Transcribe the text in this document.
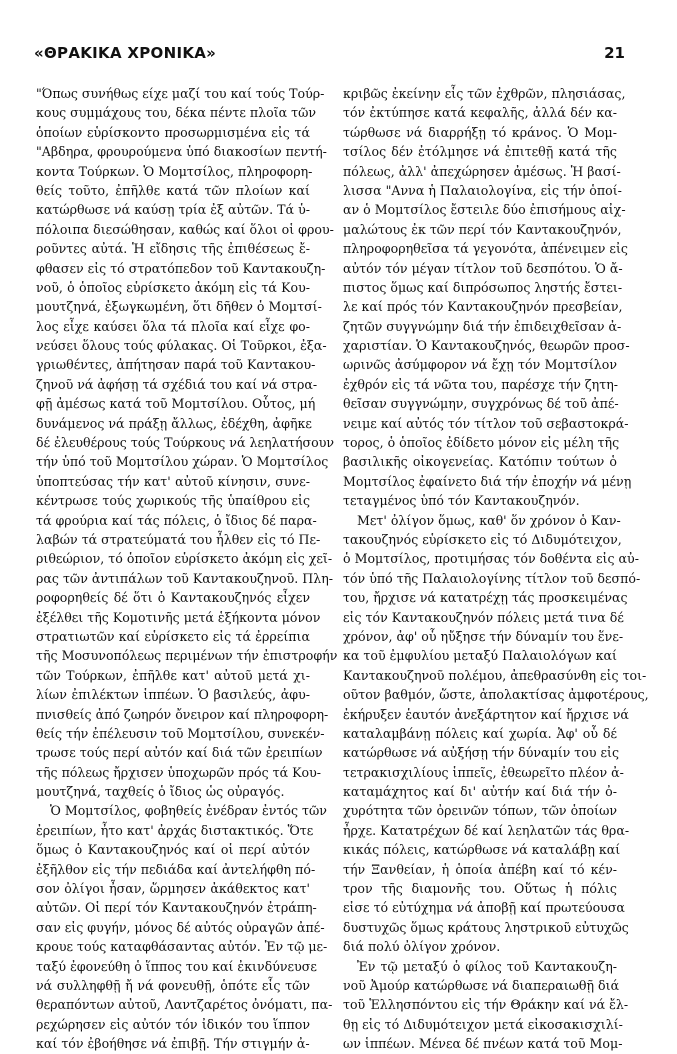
«ΘΡΑΚΙΚΑ ΧΡΟΝΙΚΑ»	21
"Όπως συνήθως είχε μαζί του καί τούς Τούρ-
κους συμμάχους του, δέκα πέντε πλοῖα τῶν
ὁποίων εὑρίσκοντο προσωρμισμένα εἰς τά
"Αβδηρα, φρουρούμενα ὑπό διακοσίων πεντή-
κοντα Τούρκων. Ὁ Μομτσίλος, πληροφορη-
θείς τοῦτο, ἐπῆλθε κατά τῶν πλοίων καί
κατώρθωσε νά καύσῃ τρία ἐξ αὐτῶν. Τά ὑ-
πόλοιπα διεσώθησαν, καθώς καί ὅλοι οἱ φρου-
ροῦντες αὐτά. Ἡ εἴδησις τῆς ἐπιθέσεως ἔ-
φθασεν εἰς τό στρατόπεδον τοῦ Καντακουζη-
νοῦ, ὁ ὁποῖος εὑρίσκετο ἀκόμη εἰς τά Κου-
μουτζηνά, ἐξωγκωμένη, ὅτι δῆθεν ὁ Μομτσί-
λος εἶχε καύσει ὅλα τά πλοῖα καί εἶχε φο-
νεύσει ὅλους τούς φύλακας. Οἱ Τοῦρκοι, ἐξα-
γριωθέντες, ἀπήτησαν παρά τοῦ Καντακου-
ζηνοῦ νά ἀφήσῃ τά σχέδιά του καί νά στρα-
φῇ ἀμέσως κατά τοῦ Μομτσίλου. Οὗτος, μή
δυνάμενος νά πράξῃ ἄλλως, ἐδέχθη, ἀφῆκε
δέ ἐλευθέρους τούς Τούρκους νά λεηλατήσουν
τήν ὑπό τοῦ Μομτσίλου χώραν. Ὁ Μομτσίλος
ὑποπτεύσας τήν κατ' αὐτοῦ κίνησιν, συνε-
κέντρωσε τούς χωρικούς τῆς ὑπαίθρου εἰς
τά φρούρια καί τάς πόλεις, ὁ ἴδιος δέ παρα-
λαβών τά στρατεύματά του ἦλθεν εἰς τό Πε-
ριθεώριον, τό ὁποῖον εὑρίσκετο ἀκόμη εἰς χεῖ-
ρας τῶν ἀντιπάλων τοῦ Καντακουζηνοῦ. Πλη-
ροφορηθείς δέ ὅτι ὁ Καντακουζηνός εἶχεν
ἐξέλθει τῆς Κομοτινῆς μετά ἑξήκοντα μόνον
στρατιωτῶν καί εὑρίσκετο εἰς τά ἐρρείπια
τῆς Μοσυνοπόλεως περιμένων τήν ἐπιστροφήν
τῶν Τούρκων, ἐπῆλθε κατ' αὐτοῦ μετά χι-
λίων ἐπιλέκτων ἱππέων. Ὁ βασιλεύς, ἀφυ-
πνισθείς ἀπό ζωηρόν ὄνειρον καί πληροφορη-
θείς τήν ἐπέλευσιν τοῦ Μομτσίλου, συνεκέν-
τρωσε τούς περί αὐτόν καί διά τῶν ἐρειπίων
τῆς πόλεως ἤρχισεν ὑποχωρῶν πρός τά Κου-
μουτζηνά, ταχθείς ὁ ἴδιος ὡς οὐραγός.
Ὁ Μομτσίλος, φοβηθείς ἐνέδραν ἐντός τῶν
ἐρειπίων, ἦτο κατ' ἀρχάς διστακτικός. Ὅτε
ὅμως ὁ Καντακουζηνός καί οἱ περί αὐτόν
ἐξῆλθον εἰς τήν πεδιάδα καί ἀντελήφθη πό-
σον ὀλίγοι ἦσαν, ὥρμησεν ἀκάθεκτος κατ'
αὐτῶν. Οἱ περί τόν Καντακουζηνόν ἐτράπη-
σαν εἰς φυγήν, μόνος δέ αὐτός οὐραγῶν ἀπέ-
κρουε τούς καταφθάσαντας αὐτόν. Ἐν τῷ με-
ταξύ ἐφονεύθη ὁ ἵππος του καί ἐκινδύνευσε
νά συλληφθῇ ἤ νά φονευθῇ, ὁπότε εἷς τῶν
θεραπόντων αὐτοῦ, Λαντζαρέτος ὀνόματι, πα-
ρεχώρησεν εἰς αὐτόν τόν ἰδικόν του ἵππον
καί τόν ἐβοήθησε νά ἐπιβῇ. Τήν στιγμήν ἀ-
κριβῶς ἐκείνην εἷς τῶν ἐχθρῶν, πλησιάσας,
τόν ἐκτύπησε κατά κεφαλῆς, ἀλλά δέν κα-
τώρθωσε νά διαρρήξῃ τό κράνος. Ὁ Μομ-
τσίλος δέν ἐτόλμησε νά ἐπιτεθῇ κατά τῆς
πόλεως, ἀλλ' ἀπεχώρησεν ἀμέσως. Ἡ βασί-
λισσα "Αννα ἡ Παλαιολογίνα, εἰς τήν ὁποί-
αν ὁ Μομτσίλος ἔστειλε δύο ἐπισήμους αἰχ-
μαλώτους ἐκ τῶν περί τόν Καντακουζηνόν,
πληροφορηθεῖσα τά γεγονότα, ἀπένειμεν εἰς
αὐτόν τόν μέγαν τίτλον τοῦ δεσπότου. Ὁ ἄ-
πιστος ὅμως καί διπρόσωπος ληστής ἔστει-
λε καί πρός τόν Καντακουζηνόν πρεσβείαν,
ζητῶν συγγνώμην διά τήν ἐπιδειχθεῖσαν ἀ-
χαριστίαν. Ὁ Καντακουζηνός, θεωρῶν προσ-
ωρινῶς ἀσύμφορον νά ἔχῃ τόν Μομτσίλον
ἐχθρόν εἰς τά νῶτα του, παρέσχε τήν ζητη-
θεῖσαν συγγνώμην, συγχρόνως δέ τοῦ ἀπέ-
νειμε καί αὐτός τόν τίτλον τοῦ σεβαστοκρά-
τορος, ὁ ὁποῖος ἐδίδετο μόνον εἰς μέλη τῆς
βασιλικῆς οἰκογενείας. Κατόπιν τούτων ὁ
Μομτσίλος ἐφαίνετο διά τήν ἐποχήν νά μένῃ
τεταγμένος ὑπό τόν Καντακουζηνόν.
Μετ' ὀλίγον ὅμως, καθ' ὅν χρόνον ὁ Καν-
τακουζηνός εὑρίσκετο εἰς τό Διδυμότειχον,
ὁ Μομτσίλος, προτιμήσας τόν δοθέντα εἰς αὐ-
τόν ὑπό τῆς Παλαιολογίνης τίτλον τοῦ δεσπό-
του, ἤρχισε νά κατατρέχῃ τάς προσκειμένας
εἰς τόν Καντακουζηνόν πόλεις μετά τινα δέ
χρόνον, ἀφ' οὗ ηὔξησε τήν δύναμίν του ἕνε-
κα τοῦ ἐμφυλίου μεταξύ Παλαιολόγων καί
Καντακουζηνοῦ πολέμου, ἀπεθρασύνθη εἰς τοι-
οῦτον βαθμόν, ὥστε, ἀπολακτίσας ἀμφοτέρους,
ἐκήρυξεν ἑαυτόν ἀνεξάρτητον καί ἤρχισε νά
καταλαμβάνῃ πόλεις καί χωρία. Ἀφ' οὗ δέ
κατώρθωσε νά αὐξήσῃ τήν δύναμίν του εἰς
τετρακισχιλίους ἱππεῖς, ἐθεωρεῖτο πλέον ἀ-
καταμάχητος καί δι' αὐτήν καί διά τήν ὀ-
χυρότητα τῶν ὀρεινῶν τόπων, τῶν ὁποίων
ἦρχε. Κατατρέχων δέ καί λεηλατῶν τάς θρα-
κικάς πόλεις, κατώρθωσε νά καταλάβῃ καί
τήν Ξανθείαν, ἡ ὁποία ἀπέβη καί τό κέν-
τρον τῆς διαμονῆς του. Οὕτως ἡ πόλις
εἰσε τό εὐτύχημα νά ἀποβῇ καί πρωτεύουσα
δυστυχῶς ὅμως κράτους ληστρικοῦ εὐτυχῶς
διά πολύ ὀλίγον χρόνον.
Ἐν τῷ μεταξύ ὁ φίλος τοῦ Καντακουζη-
νοῦ Ἀμούρ κατώρθωσε νά διαπεραιωθῇ διά
τοῦ Ἑλλησπόντου εἰς τήν Θράκην καί νά ἔλ-
θῃ εἰς τό Διδυμότειχον μετά εἰκοσακισχιλί-
ων ἱππέων. Μένεα δέ πνέων κατά τοῦ Μομ-
